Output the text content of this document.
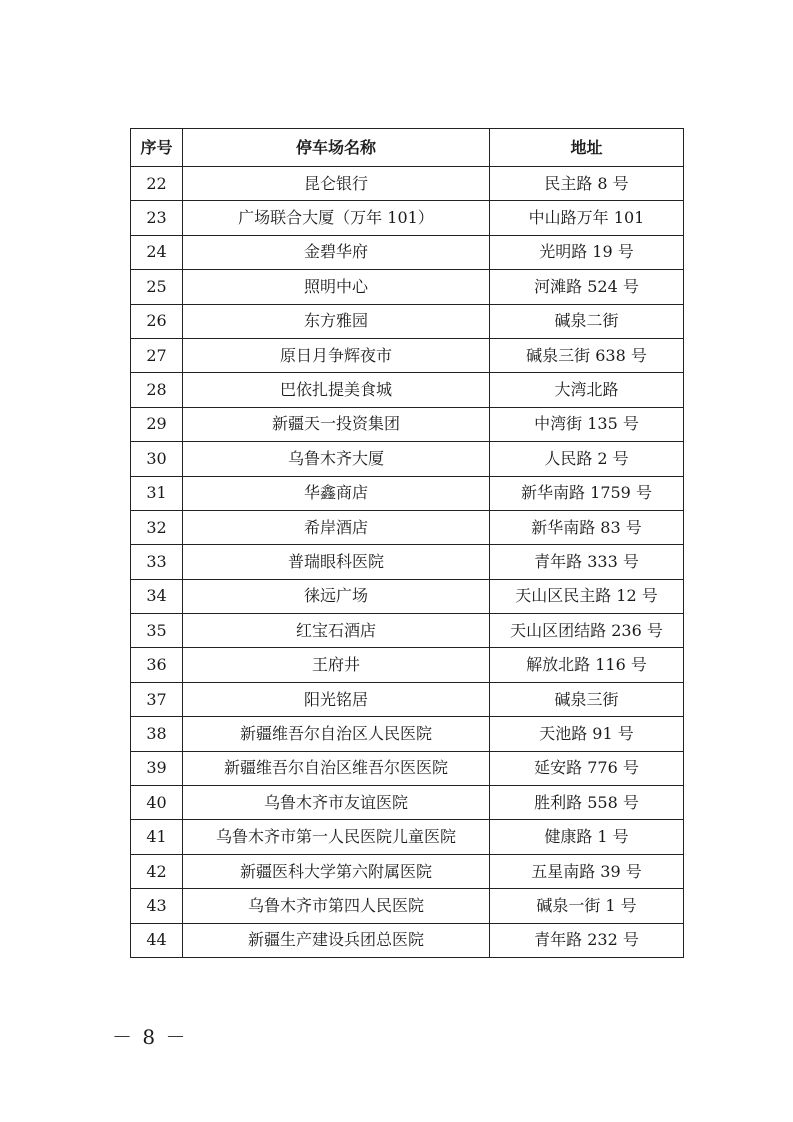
序号	停车场名称	地址
22	昆仑银行	民主路 8 号
23	广场联合大厦（万年 101）	中山路万年 101
24	金碧华府	光明路 19 号
25	照明中心	河滩路 524 号
26	东方雅园	碱泉二街
27	原日月争辉夜市	碱泉三街 638 号
28	巴依扎提美食城	大湾北路
29	新疆天一投资集团	中湾街 135 号
30	乌鲁木齐大厦	人民路 2 号
31	华鑫商店	新华南路 1759 号
32	希岸酒店	新华南路 83 号
33	普瑞眼科医院	青年路 333 号
34	徕远广场	天山区民主路 12 号
35	红宝石酒店	天山区团结路 236 号
36	王府井	解放北路 116 号
37	阳光铭居	碱泉三街
38	新疆维吾尔自治区人民医院	天池路 91 号
39	新疆维吾尔自治区维吾尔医医院	延安路 776 号
40	乌鲁木齐市友谊医院	胜利路 558 号
41	乌鲁木齐市第一人民医院儿童医院	健康路 1 号
42	新疆医科大学第六附属医院	五星南路 39 号
43	乌鲁木齐市第四人民医院	碱泉一街 1 号
44	新疆生产建设兵团总医院	青年路 232 号
－ 8 －
